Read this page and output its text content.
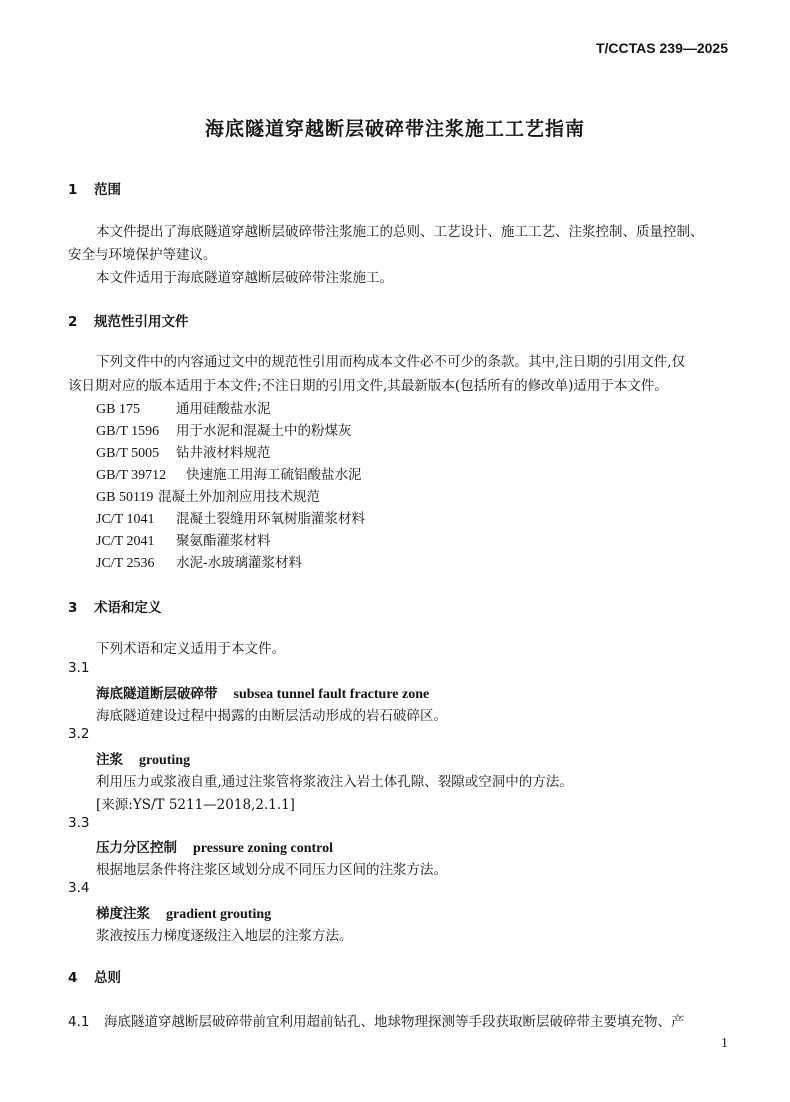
T/CCTAS 239—2025
海底隧道穿越断层破碎带注浆施工工艺指南
1 范围
本文件提出了海底隧道穿越断层破碎带注浆施工的总则、工艺设计、施工工艺、注浆控制、质量控制、
安全与环境保护等建议。
本文件适用于海底隧道穿越断层破碎带注浆施工。
2 规范性引用文件
下列文件中的内容通过文中的规范性引用而构成本文件必不可少的条款。其中,注日期的引用文件,仅
该日期对应的版本适用于本文件;不注日期的引用文件,其最新版本(包括所有的修改单)适用于本文件。
GB 175	通用硅酸盐水泥
GB/T 1596 用于水泥和混凝土中的粉煤灰
GB/T 5005 钻井液材料规范
GB/T 39712 快速施工用海工硫铝酸盐水泥
GB 50119 混凝土外加剂应用技术规范
JC/T 1041 混凝土裂缝用环氧树脂灌浆材料
JC/T 2041 聚氨酯灌浆材料
JC/T 2536 水泥-水玻璃灌浆材料
3 术语和定义
下列术语和定义适用于本文件。
3.1
海底隧道断层破碎带 subsea tunnel fault fracture zone
海底隧道建设过程中揭露的由断层活动形成的岩石破碎区。
3.2
注浆 grouting
利用压力或浆液自重,通过注浆管将浆液注入岩土体孔隙、裂隙或空洞中的方法。
[来源:YS/T 5211—2018,2.1.1]
3.3
压力分区控制 pressure zoning control
根据地层条件将注浆区域划分成不同压力区间的注浆方法。
3.4
梯度注浆 gradient grouting
浆液按压力梯度逐级注入地层的注浆方法。
4 总则
4.1 海底隧道穿越断层破碎带前宜利用超前钻孔、地球物理探测等手段获取断层破碎带主要填充物、产
1
